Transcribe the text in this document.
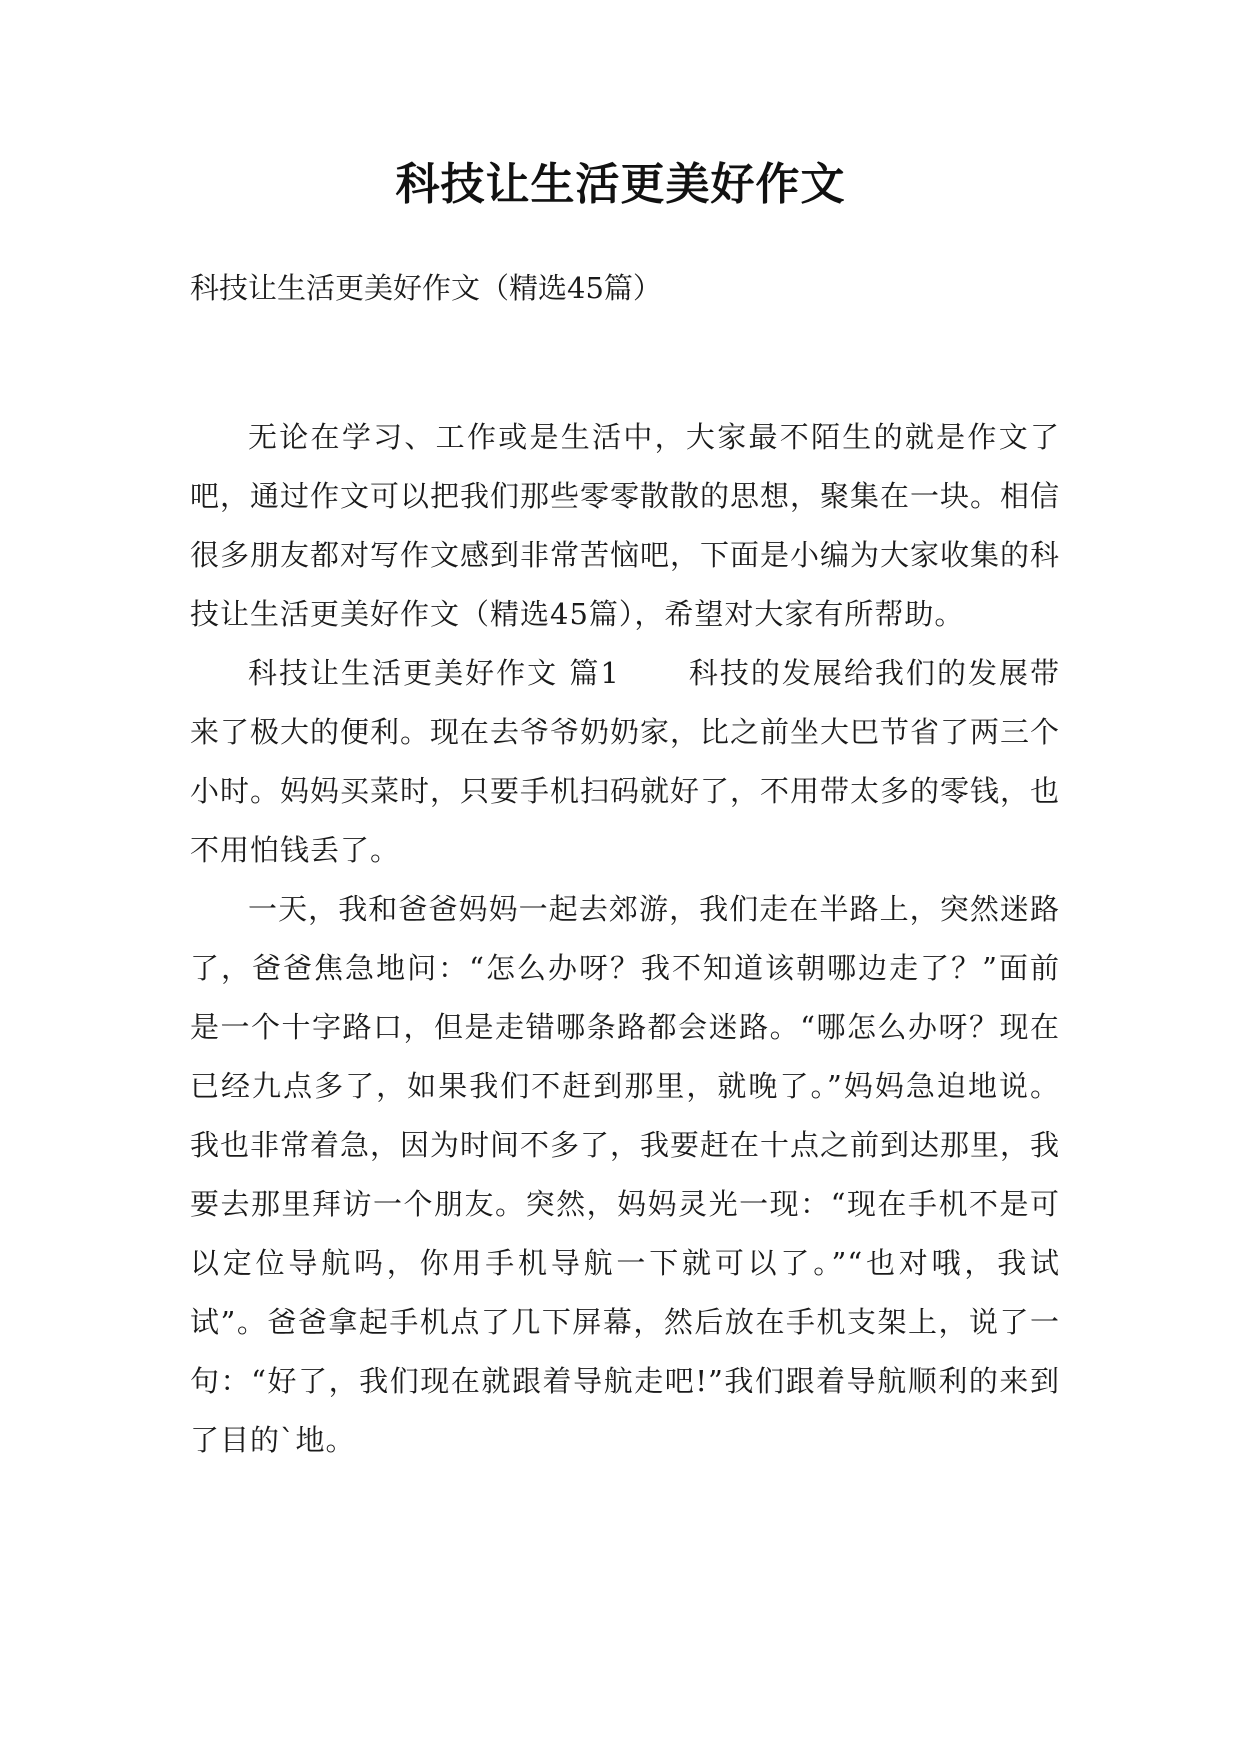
科技让生活更美好作文

科技让生活更美好作文（精选45篇）

无论在学习、工作或是生活中，大家最不陌生的就是作文了吧，通过作文可以把我们那些零零散散的思想，聚集在一块。相信很多朋友都对写作文感到非常苦恼吧，下面是小编为大家收集的科技让生活更美好作文（精选45篇），希望对大家有所帮助。

科技让生活更美好作文 篇1 科技的发展给我们的发展带来了极大的便利。现在去爷爷奶奶家，比之前坐大巴节省了两三个小时。妈妈买菜时，只要手机扫码就好了，不用带太多的零钱，也不用怕钱丢了。

一天，我和爸爸妈妈一起去郊游，我们走在半路上，突然迷路了，爸爸焦急地问：“怎么办呀？我不知道该朝哪边走了？”面前是一个十字路口，但是走错哪条路都会迷路。“哪怎么办呀？现在已经九点多了，如果我们不赶到那里，就晚了。”妈妈急迫地说。我也非常着急，因为时间不多了，我要赶在十点之前到达那里，我要去那里拜访一个朋友。突然，妈妈灵光一现：“现在手机不是可以定位导航吗，你用手机导航一下就可以了。”“也对哦，我试试”。爸爸拿起手机点了几下屏幕，然后放在手机支架上，说了一句：“好了，我们现在就跟着导航走吧!”我们跟着导航顺利的来到了目的`地。
